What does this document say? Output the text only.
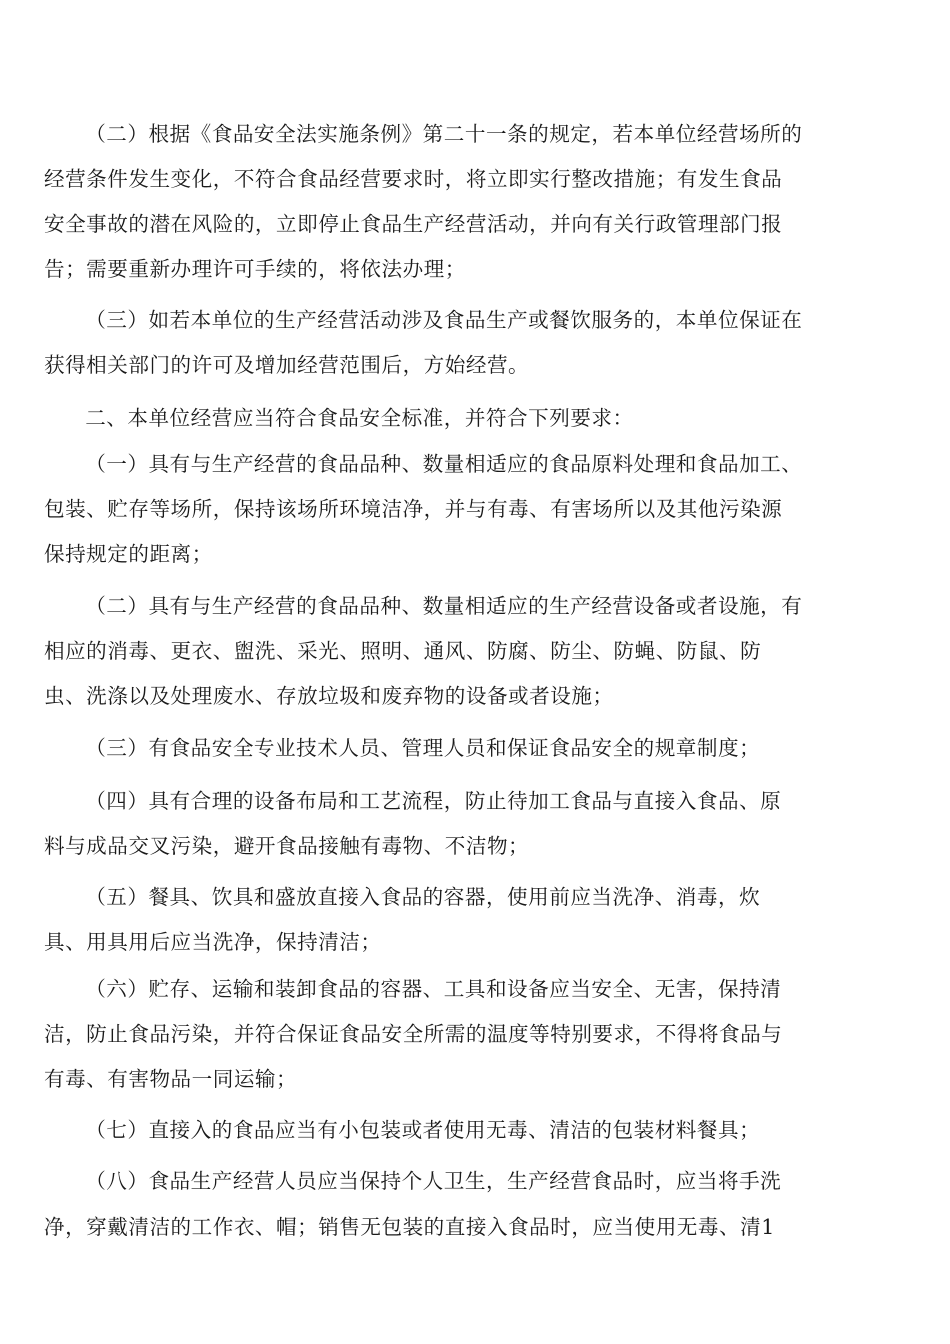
（二）根据《食品安全法实施条例》第二十一条的规定，若本单位经营场所的
经营条件发生变化，不符合食品经营要求时，将立即实行整改措施；有发生食品
安全事故的潜在风险的，立即停止食品生产经营活动，并向有关行政管理部门报
告；需要重新办理许可手续的，将依法办理；

（三）如若本单位的生产经营活动涉及食品生产或餐饮服务的，本单位保证在
获得相关部门的许可及增加经营范围后，方始经营。

二、本单位经营应当符合食品安全标准，并符合下列要求：

（一）具有与生产经营的食品品种、数量相适应的食品原料处理和食品加工、
包装、贮存等场所，保持该场所环境洁净，并与有毒、有害场所以及其他污染源
保持规定的距离；

（二）具有与生产经营的食品品种、数量相适应的生产经营设备或者设施，有
相应的消毒、更衣、盥洗、采光、照明、通风、防腐、防尘、防蝇、防鼠、防
虫、洗涤以及处理废水、存放垃圾和废弃物的设备或者设施；

（三）有食品安全专业技术人员、管理人员和保证食品安全的规章制度；

（四）具有合理的设备布局和工艺流程，防止待加工食品与直接入食品、原
料与成品交叉污染，避开食品接触有毒物、不洁物；

（五）餐具、饮具和盛放直接入食品的容器，使用前应当洗净、消毒，炊
具、用具用后应当洗净，保持清洁；

（六）贮存、运输和装卸食品的容器、工具和设备应当安全、无害，保持清
洁，防止食品污染，并符合保证食品安全所需的温度等特别要求，不得将食品与
有毒、有害物品一同运输；

（七）直接入的食品应当有小包装或者使用无毒、清洁的包装材料餐具；

（八）食品生产经营人员应当保持个人卫生，生产经营食品时，应当将手洗

净，穿戴清洁的工作衣、帽；销售无包装的直接入食品时，应当使用无毒、清1
